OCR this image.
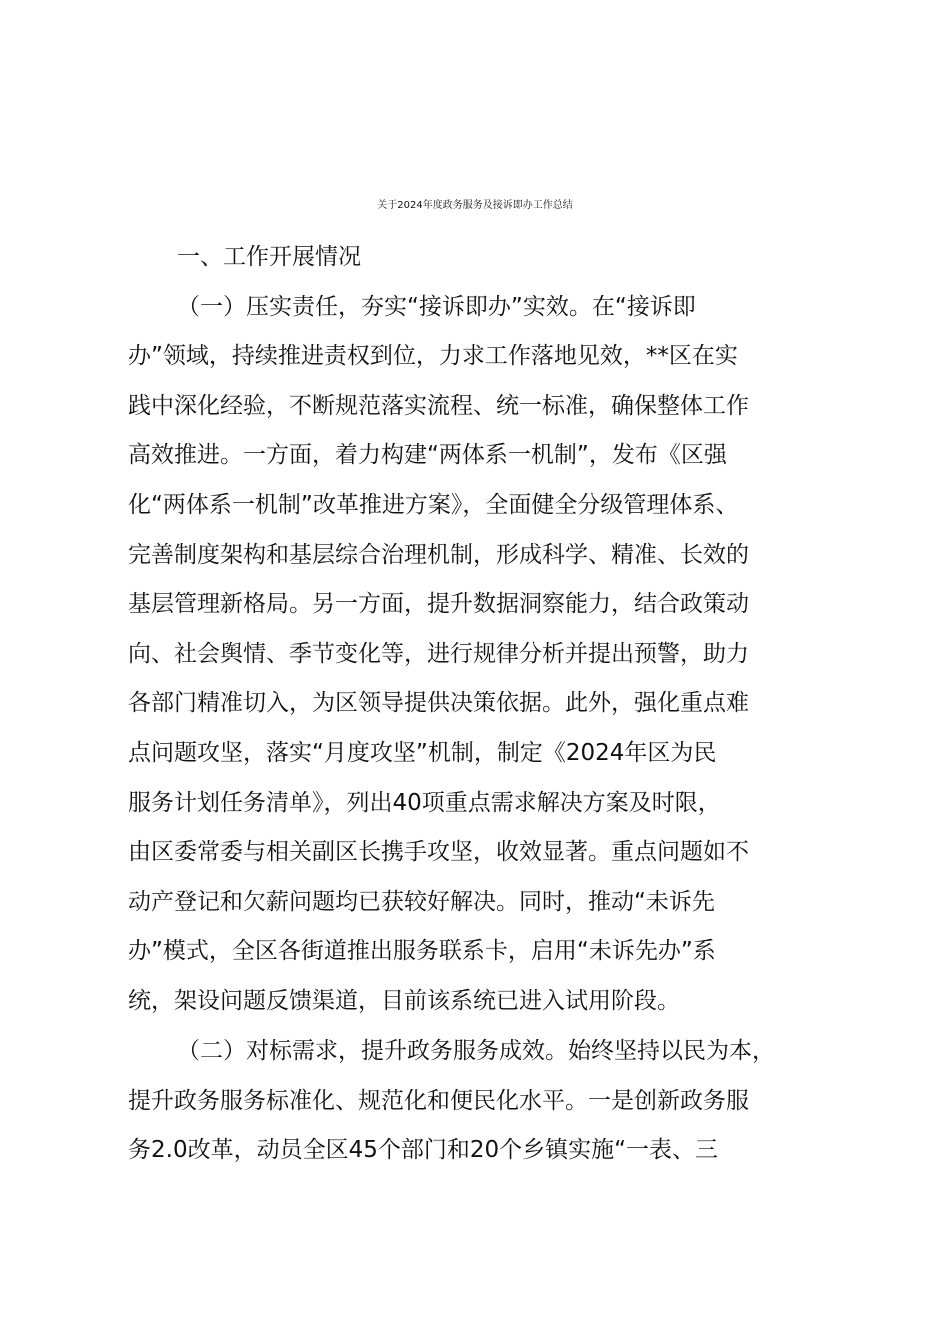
关于2024年度政务服务及接诉即办工作总结
一、工作开展情况
（一）压实责任，夯实“接诉即办”实效。在“接诉即
办”领域，持续推进责权到位，力求工作落地见效，**区在实
践中深化经验，不断规范落实流程、统一标准，确保整体工作
高效推进。一方面，着力构建“两体系一机制”，发布《区强
化“两体系一机制”改革推进方案》，全面健全分级管理体系、
完善制度架构和基层综合治理机制，形成科学、精准、长效的
基层管理新格局。另一方面，提升数据洞察能力，结合政策动
向、社会舆情、季节变化等，进行规律分析并提出预警，助力
各部门精准切入，为区领导提供决策依据。此外，强化重点难
点问题攻坚，落实“月度攻坚”机制，制定《2024年区为民
服务计划任务清单》，列出40项重点需求解决方案及时限，
由区委常委与相关副区长携手攻坚，收效显著。重点问题如不
动产登记和欠薪问题均已获较好解决。同时，推动“未诉先
办”模式，全区各街道推出服务联系卡，启用“未诉先办”系
统，架设问题反馈渠道，目前该系统已进入试用阶段。
（二）对标需求，提升政务服务成效。始终坚持以民为本，
提升政务服务标准化、规范化和便民化水平。一是创新政务服
务2.0改革，动员全区45个部门和20个乡镇实施“一表、三
